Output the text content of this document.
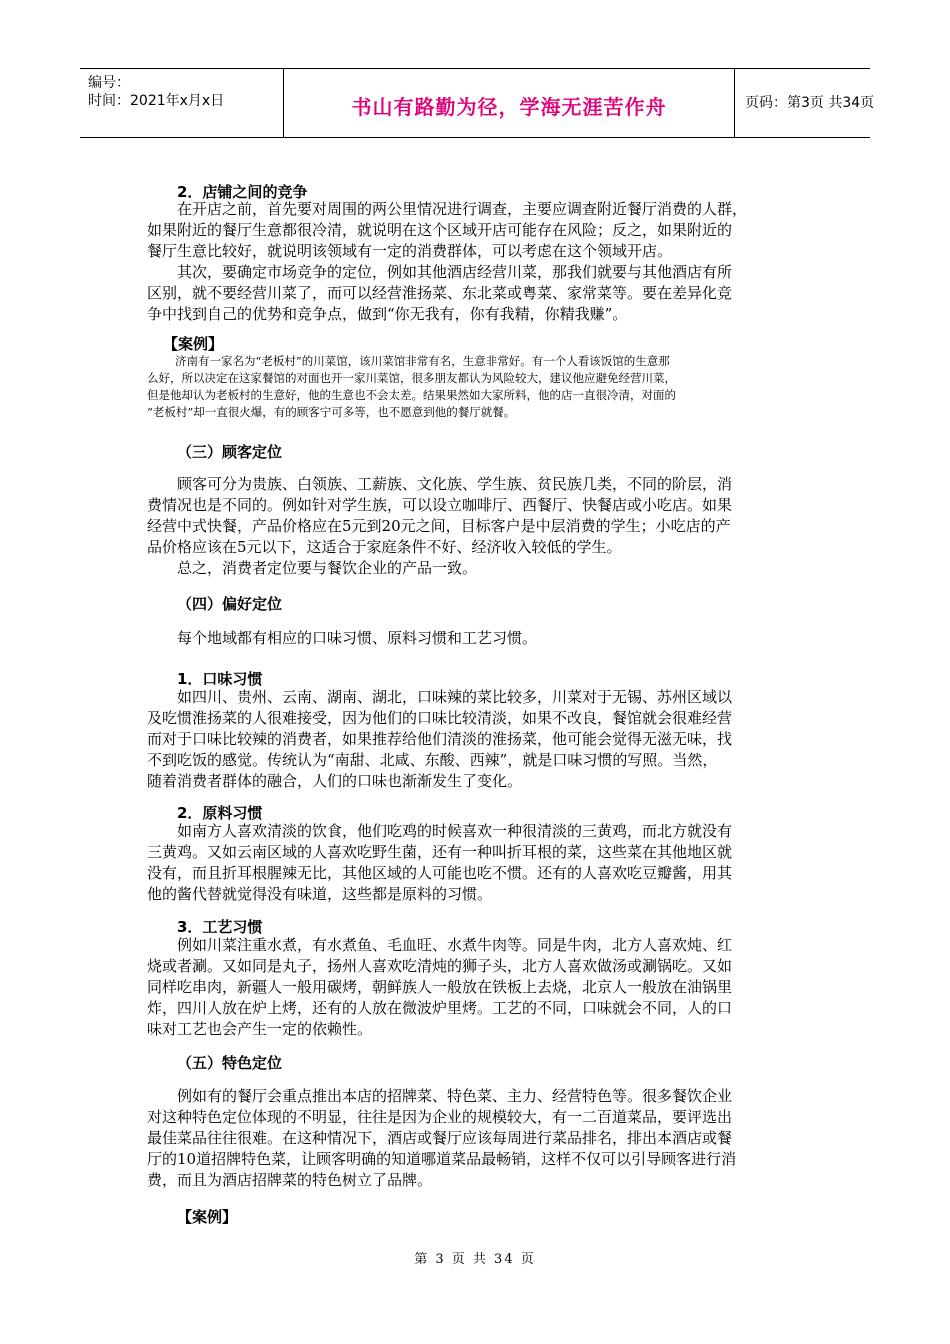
编号：
时间：2021年x月x日	书山有路勤为径，学海无涯苦作舟	页码：第3页 共34页
2．店铺之间的竞争
在开店之前，首先要对周围的两公里情况进行调查，主要应调查附近餐厅消费的人群，
如果附近的餐厅生意都很冷清，就说明在这个区域开店可能存在风险；反之，如果附近的
餐厅生意比较好，就说明该领域有一定的消费群体，可以考虑在这个领域开店。
其次，要确定市场竞争的定位，例如其他酒店经营川菜，那我们就要与其他酒店有所
区别，就不要经营川菜了，而可以经营淮扬菜、东北菜或粤菜、家常菜等。要在差异化竞
争中找到自己的优势和竞争点，做到“你无我有，你有我精，你精我赚”。
【案例】
济南有一家名为“老板村”的川菜馆，该川菜馆非常有名，生意非常好。有一个人看该饭馆的生意那
么好，所以决定在这家餐馆的对面也开一家川菜馆，很多朋友都认为风险较大，建议他应避免经营川菜，
但是他却认为老板村的生意好，他的生意也不会太差。结果果然如大家所料，他的店一直很冷清，对面的
“老板村”却一直很火爆，有的顾客宁可多等，也不愿意到他的餐厅就餐。
（三）顾客定位
顾客可分为贵族、白领族、工薪族、文化族、学生族、贫民族几类，不同的阶层，消
费情况也是不同的。例如针对学生族，可以设立咖啡厅、西餐厅、快餐店或小吃店。如果
经营中式快餐，产品价格应在5元到20元之间，目标客户是中层消费的学生；小吃店的产
品价格应该在5元以下，这适合于家庭条件不好、经济收入较低的学生。
总之，消费者定位要与餐饮企业的产品一致。
（四）偏好定位
每个地域都有相应的口味习惯、原料习惯和工艺习惯。
1．口味习惯
如四川、贵州、云南、湖南、湖北，口味辣的菜比较多，川菜对于无锡、苏州区域以
及吃惯淮扬菜的人很难接受，因为他们的口味比较清淡，如果不改良，餐馆就会很难经营
而对于口味比较辣的消费者，如果推荐给他们清淡的淮扬菜，他可能会觉得无滋无味，找
不到吃饭的感觉。传统认为“南甜、北咸、东酸、西辣”，就是口味习惯的写照。当然，
随着消费者群体的融合，人们的口味也渐渐发生了变化。
2．原料习惯
如南方人喜欢清淡的饮食，他们吃鸡的时候喜欢一种很清淡的三黄鸡，而北方就没有
三黄鸡。又如云南区域的人喜欢吃野生菌，还有一种叫折耳根的菜，这些菜在其他地区就
没有，而且折耳根腥辣无比，其他区域的人可能也吃不惯。还有的人喜欢吃豆瓣酱，用其
他的酱代替就觉得没有味道，这些都是原料的习惯。
3．工艺习惯
例如川菜注重水煮，有水煮鱼、毛血旺、水煮牛肉等。同是牛肉，北方人喜欢炖、红
烧或者涮。又如同是丸子，扬州人喜欢吃清炖的狮子头，北方人喜欢做汤或涮锅吃。又如
同样吃串肉，新疆人一般用碳烤，朝鲜族人一般放在铁板上去烧，北京人一般放在油锅里
炸，四川人放在炉上烤，还有的人放在微波炉里烤。工艺的不同，口味就会不同，人的口
味对工艺也会产生一定的依赖性。
（五）特色定位
例如有的餐厅会重点推出本店的招牌菜、特色菜、主力、经营特色等。很多餐饮企业
对这种特色定位体现的不明显，往往是因为企业的规模较大，有一二百道菜品，要评选出
最佳菜品往往很难。在这种情况下，酒店或餐厅应该每周进行菜品排名，排出本酒店或餐
厅的10道招牌特色菜，让顾客明确的知道哪道菜品最畅销，这样不仅可以引导顾客进行消
费，而且为酒店招牌菜的特色树立了品牌。
【案例】
第 3 页 共 34 页
